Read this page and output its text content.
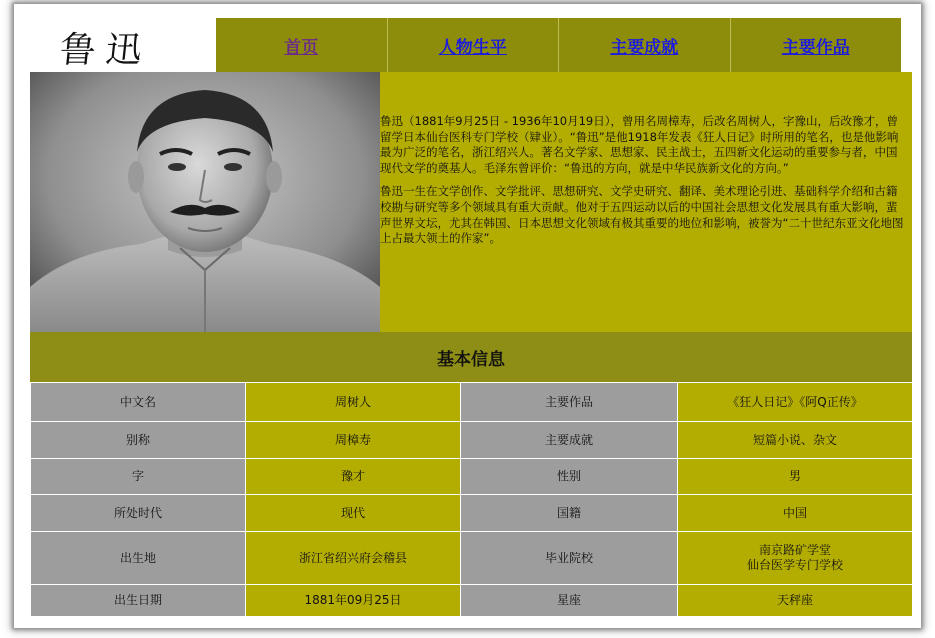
鲁迅	首页	人物生平	主要成就	主要作品

鲁迅（1881年9月25日 - 1936年10月19日），曾用名周樟寿，后改名周树人，字豫山，后改豫才，曾留学日本仙台医科专门学校（肄业）。“鲁迅”是他1918年发表《狂人日记》时所用的笔名，也是他影响最为广泛的笔名，浙江绍兴人。著名文学家、思想家、民主战士，五四新文化运动的重要参与者，中国现代文学的奠基人。毛泽东曾评价：“鲁迅的方向，就是中华民族新文化的方向。”

鲁迅一生在文学创作、文学批评、思想研究、文学史研究、翻译、美术理论引进、基础科学介绍和古籍校勘与研究等多个领域具有重大贡献。他对于五四运动以后的中国社会思想文化发展具有重大影响，蜚声世界文坛，尤其在韩国、日本思想文化领域有极其重要的地位和影响，被誉为“二十世纪东亚文化地图上占最大领土的作家”。

基本信息
中文名	周树人	主要作品	《狂人日记》《阿Q正传》
别称	周樟寿	主要成就	短篇小说、杂文
字	豫才	性别	男
所处时代	现代	国籍	中国
出生地	浙江省绍兴府会稽县	毕业院校	南京路矿学堂
仙台医学专门学校

出生日期	1881年09月25日	星座	天秤座
